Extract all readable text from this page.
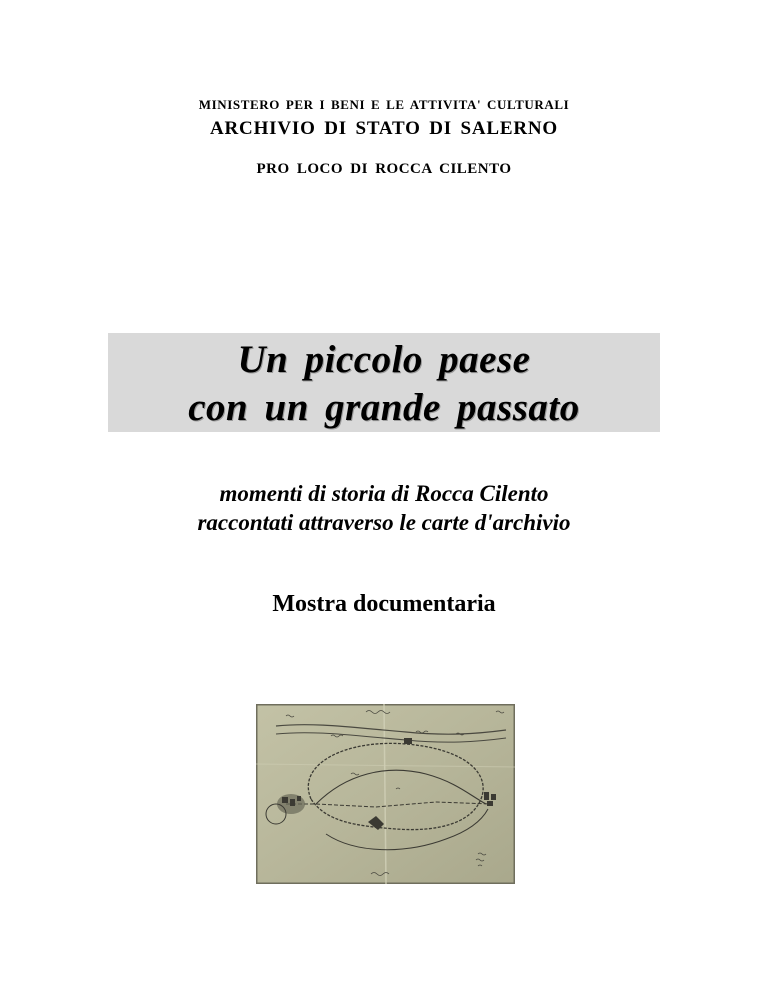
MINISTERO PER I BENI E LE ATTIVITA' CULTURALI
ARCHIVIO DI STATO DI SALERNO
PRO LOCO DI ROCCA CILENTO
Un piccolo paese
con un grande passato
momenti di storia di Rocca Cilento
raccontati attraverso le carte d'archivio
Mostra documentaria
